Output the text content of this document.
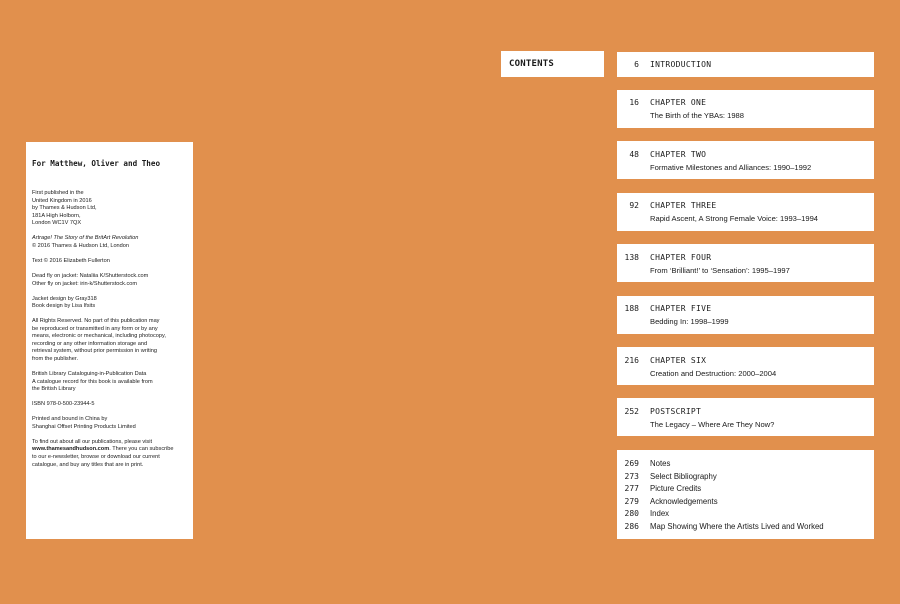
For Matthew, Oliver and Theo
First published in the
United Kingdom in 2016
by Thames & Hudson Ltd,
181A High Holborn,
London WC1V 7QX
Artrage! The Story of the BritArt Revolution
© 2016 Thames & Hudson Ltd, London
Text © 2016 Elizabeth Fullerton
Dead fly on jacket: Nataliia K/Shutterstock.com
Other fly on jacket: irin-k/Shutterstock.com
Jacket design by Gray318
Book design by Lisa Ifsits
All Rights Reserved. No part of this publication may
be reproduced or transmitted in any form or by any
means, electronic or mechanical, including photocopy,
recording or any other information storage and
retrieval system, without prior permission in writing
from the publisher.
British Library Cataloguing-in-Publication Data
A catalogue record for this book is available from
the British Library
ISBN 978-0-500-23944-5
Printed and bound in China by
Shanghai Offset Printing Products Limited
To find out about all our publications, please visit
www.thamesandhudson.com. There you can subscribe
to our e-newsletter, browse or download our current
catalogue, and buy any titles that are in print.
CONTENTS	6 INTRODUCTION
16 CHAPTER ONE
The Birth of the YBAs: 1988
48 CHAPTER TWO
Formative Milestones and Alliances: 1990–1992
92 CHAPTER THREE
Rapid Ascent, A Strong Female Voice: 1993–1994
138 CHAPTER FOUR
From ‘Brilliant!’ to ‘Sensation’: 1995–1997
188 CHAPTER FIVE
Bedding In: 1998–1999
216 CHAPTER SIX
Creation and Destruction: 2000–2004
252 POSTSCRIPT
The Legacy – Where Are They Now?
269 Notes
273 Select Bibliography
277 Picture Credits
279 Acknowledgements
280 Index
286 Map Showing Where the Artists Lived and Worked
